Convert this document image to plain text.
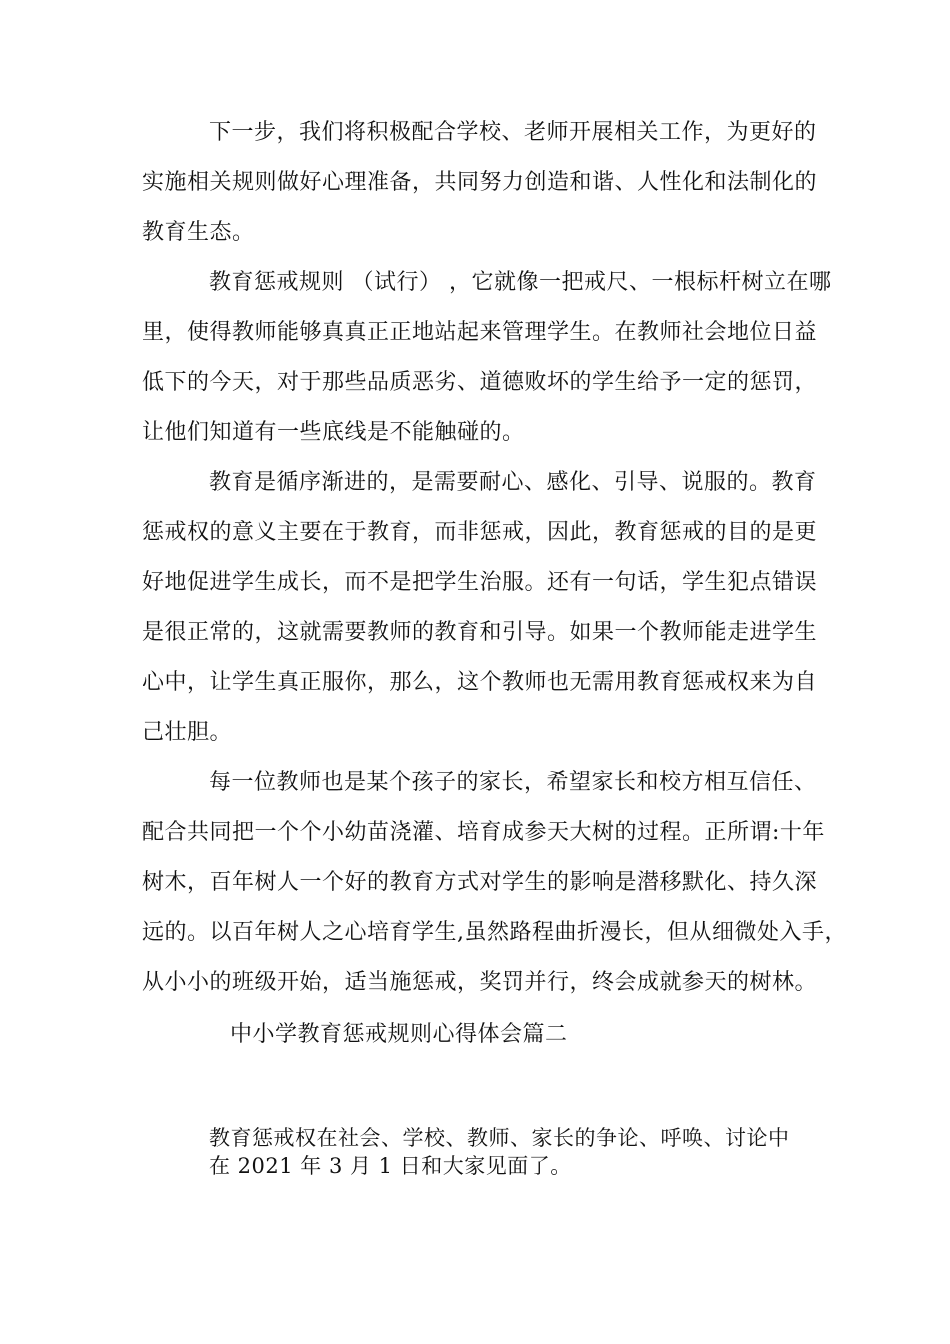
下一步，我们将积极配合学校、老师开展相关工作，为更好的
实施相关规则做好心理准备，共同努力创造和谐、人性化和法制化的
教育生态。
教育惩戒规则 （试行） ，它就像一把戒尺、一根标杆树立在哪
里，使得教师能够真真正正地站起来管理学生。在教师社会地位日益
低下的今天，对于那些品质恶劣、道德败坏的学生给予一定的惩罚，
让他们知道有一些底线是不能触碰的。
教育是循序渐进的，是需要耐心、感化、引导、说服的。教育
惩戒权的意义主要在于教育，而非惩戒，因此，教育惩戒的目的是更
好地促进学生成长，而不是把学生治服。还有一句话，学生犯点错误
是很正常的，这就需要教师的教育和引导。如果一个教师能走进学生
心中，让学生真正服你，那么，这个教师也无需用教育惩戒权来为自
己壮胆。
每一位教师也是某个孩子的家长，希望家长和校方相互信任、
配合共同把一个个小幼苗浇灌、培育成参天大树的过程。正所谓:十年
树木，百年树人一个好的教育方式对学生的影响是潜移默化、持久深
远的。以百年树人之心培育学生,虽然路程曲折漫长，但从细微处入手，
从小小的班级开始，适当施惩戒，奖罚并行，终会成就参天的树林。
中小学教育惩戒规则心得体会篇二
教育惩戒权在社会、学校、教师、家长的争论、呼唤、讨论中
在 2021 年 3 月 1 日和大家见面了。
